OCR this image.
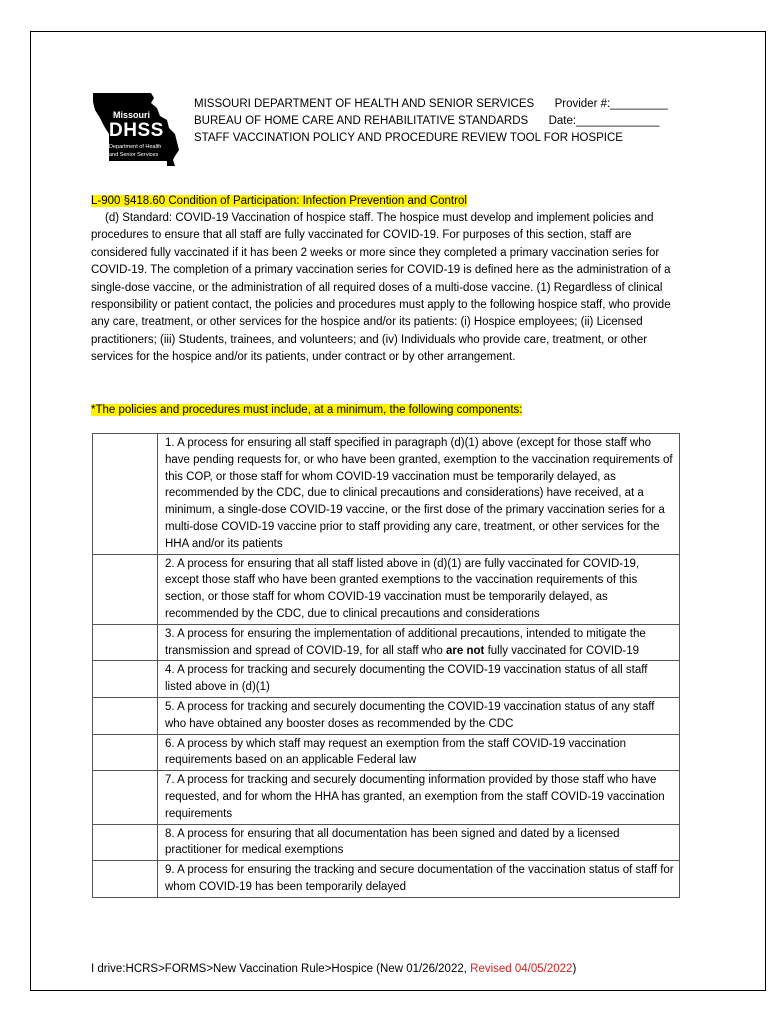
Missouri
DHSS
Department of Health
and Senior Services
MISSOURI DEPARTMENT OF HEALTH AND SENIOR SERVICES Provider #:_________
BUREAU OF HOME CARE AND REHABILITATIVE STANDARDS Date:_____________
STAFF VACCINATION POLICY AND PROCEDURE REVIEW TOOL FOR HOSPICE
L-900 §418.60 Condition of Participation: Infection Prevention and Control
(d) Standard: COVID-19 Vaccination of hospice staff. The hospice must develop and implement policies and procedures to ensure that all staff are fully vaccinated for COVID-19. For purposes of this section, staff are considered fully vaccinated if it has been 2 weeks or more since they completed a primary vaccination series for COVID-19. The completion of a primary vaccination series for COVID-19 is defined here as the administration of a single-dose vaccine, or the administration of all required doses of a multi-dose vaccine. (1) Regardless of clinical responsibility or patient contact, the policies and procedures must apply to the following hospice staff, who provide any care, treatment, or other services for the hospice and/or its patients: (i) Hospice employees; (ii) Licensed practitioners; (iii) Students, trainees, and volunteers; and (iv) Individuals who provide care, treatment, or other services for the hospice and/or its patients, under contract or by other arrangement.
*The policies and procedures must include, at a minimum, the following components:
	1. A process for ensuring all staff specified in paragraph (d)(1) above (except for those staff who have pending requests for, or who have been granted, exemption to the vaccination requirements of this COP, or those staff for whom COVID-19 vaccination must be temporarily delayed, as recommended by the CDC, due to clinical precautions and considerations) have received, at a minimum, a single-dose COVID-19 vaccine, or the first dose of the primary vaccination series for a multi-dose COVID-19 vaccine prior to staff providing any care, treatment, or other services for the HHA and/or its patients
	2. A process for ensuring that all staff listed above in (d)(1) are fully vaccinated for COVID-19, except those staff who have been granted exemptions to the vaccination requirements of this section, or those staff for whom COVID-19 vaccination must be temporarily delayed, as recommended by the CDC, due to clinical precautions and considerations
	3. A process for ensuring the implementation of additional precautions, intended to mitigate the transmission and spread of COVID-19, for all staff who are not fully vaccinated for COVID-19
	4. A process for tracking and securely documenting the COVID-19 vaccination status of all staff listed above in (d)(1)
	5. A process for tracking and securely documenting the COVID-19 vaccination status of any staff who have obtained any booster doses as recommended by the CDC
	6. A process by which staff may request an exemption from the staff COVID-19 vaccination requirements based on an applicable Federal law
	7. A process for tracking and securely documenting information provided by those staff who have requested, and for whom the HHA has granted, an exemption from the staff COVID-19 vaccination requirements
	8. A process for ensuring that all documentation has been signed and dated by a licensed practitioner for medical exemptions
	9. A process for ensuring the tracking and secure documentation of the vaccination status of staff for whom COVID-19 has been temporarily delayed
I drive:HCRS>FORMS>New Vaccination Rule>Hospice (New 01/26/2022, Revised 04/05/2022)
